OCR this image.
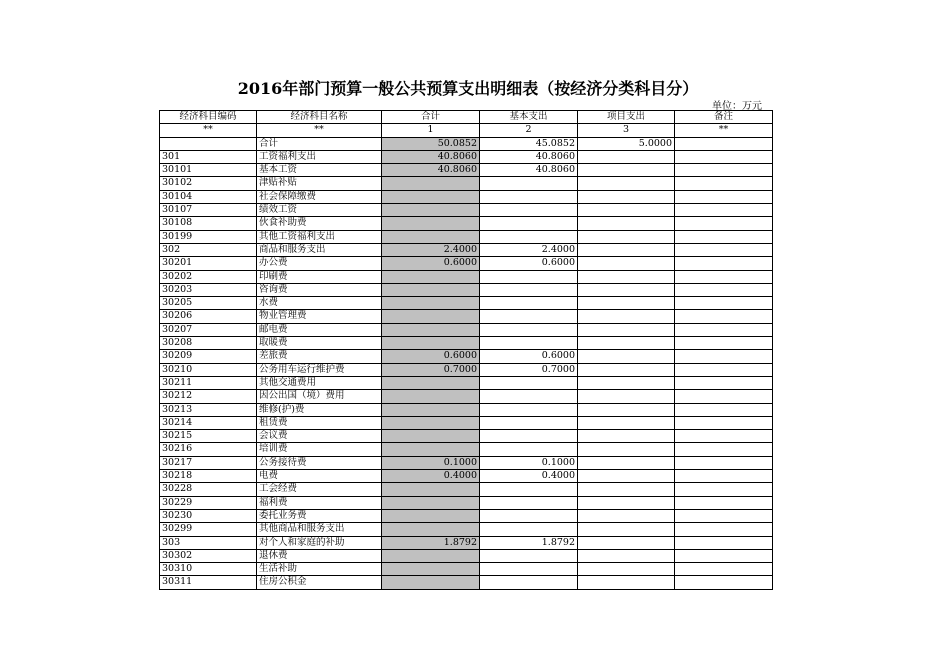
2016年部门预算一般公共预算支出明细表（按经济分类科目分）
单位：万元
经济科目编码	经济科目名称	合计	基本支出	项目支出	备注
**	**	1	2	3	**
	合计	50.0852	45.0852	5.0000	
301	工资福利支出	40.8060	40.8060		
30101	基本工资	40.8060	40.8060		
30102	津贴补贴				
30104	社会保障缴费				
30107	绩效工资				
30108	伙食补助费				
30199	其他工资福利支出				
302	商品和服务支出	2.4000	2.4000		
30201	办公费	0.6000	0.6000		
30202	印刷费				
30203	咨询费				
30205	水费				
30206	物业管理费				
30207	邮电费				
30208	取暖费				
30209	差旅费	0.6000	0.6000		
30210	公务用车运行维护费	0.7000	0.7000		
30211	其他交通费用				
30212	因公出国（境）费用				
30213	维修(护)费				
30214	租赁费				
30215	会议费				
30216	培训费				
30217	公务接待费	0.1000	0.1000		
30218	电费	0.4000	0.4000		
30228	工会经费				
30229	福利费				
30230	委托业务费				
30299	其他商品和服务支出				
303	对个人和家庭的补助	1.8792	1.8792		
30302	退休费				
30310	生活补助				
30311	住房公积金				
